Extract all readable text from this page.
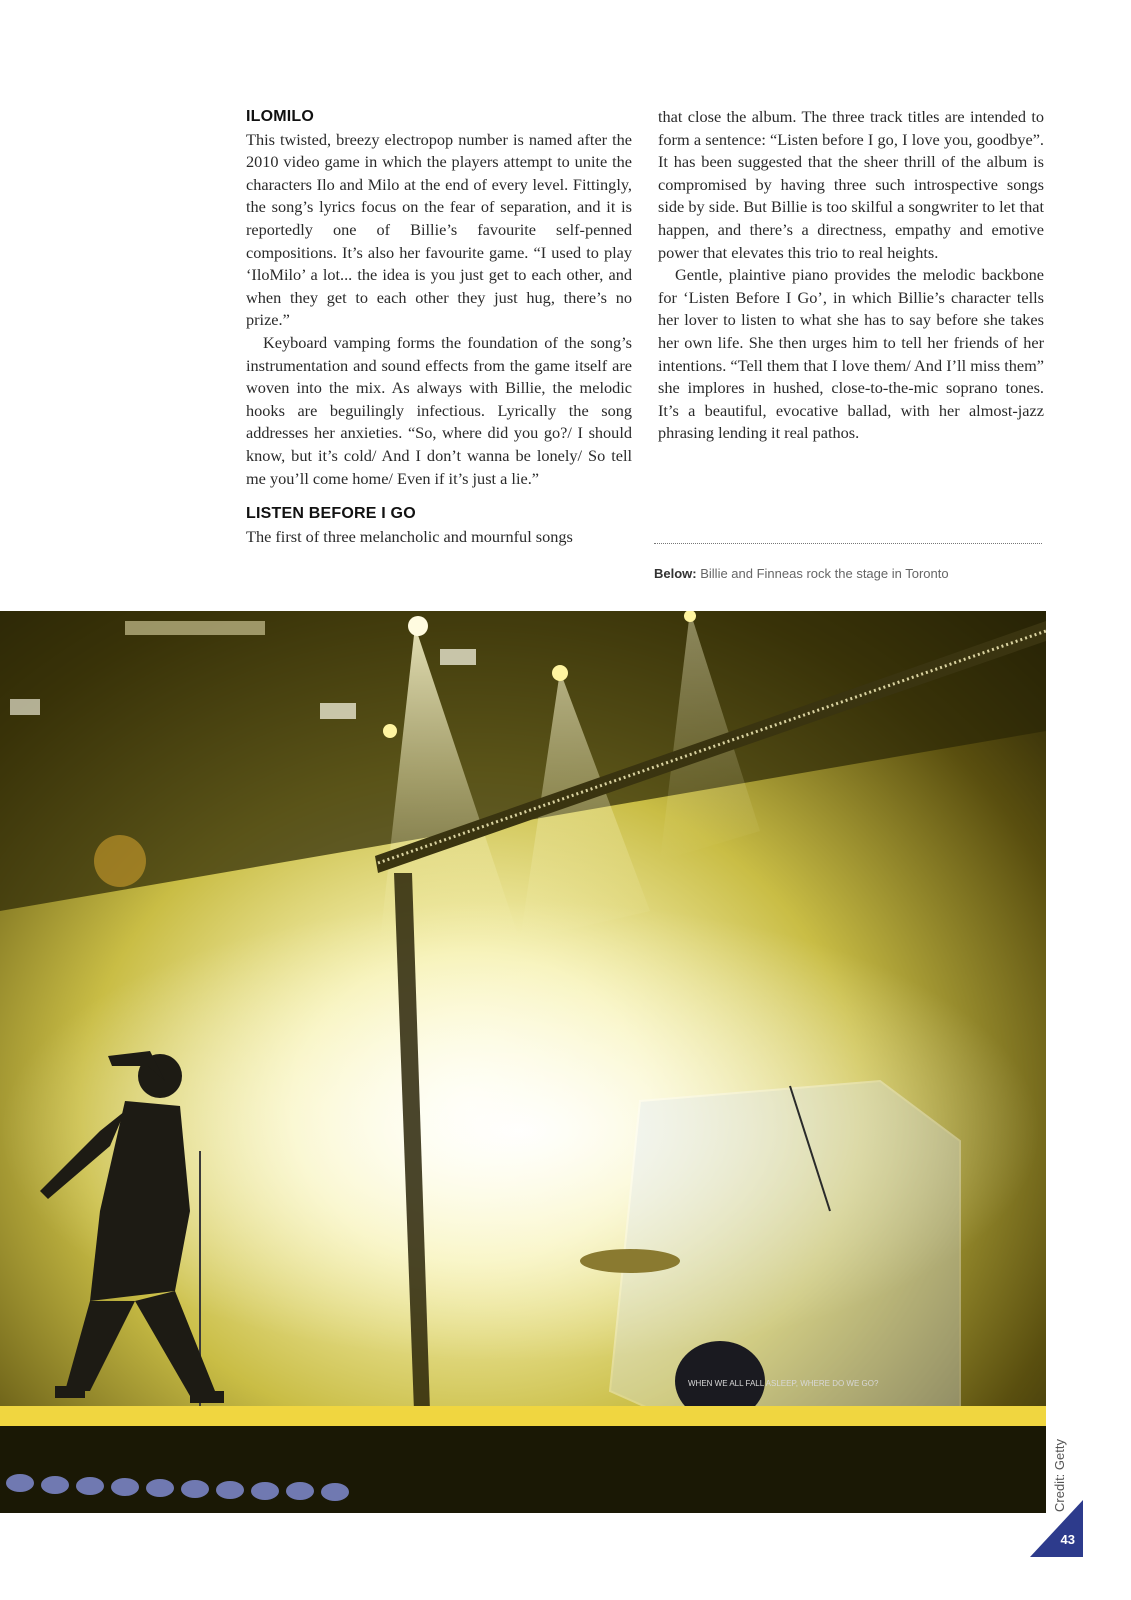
ILOMILO

This twisted, breezy electropop number is named after the 2010 video game in which the players attempt to unite the characters Ilo and Milo at the end of every level. Fittingly, the song’s lyrics focus on the fear of separation, and it is reportedly one of Billie’s favourite self-penned compositions. It’s also her favourite game. “I used to play ‘IloMilo’ a lot... the idea is you just get to each other, and when they get to each other they just hug, there’s no prize.”

Keyboard vamping forms the foundation of the song’s instrumentation and sound effects from the game itself are woven into the mix. As always with Billie, the melodic hooks are beguilingly infectious. Lyrically the song addresses her anxieties. “So, where did you go?/ I should know, but it’s cold/ And I don’t wanna be lonely/ So tell me you’ll come home/ Even if it’s just a lie.”

LISTEN BEFORE I GO

The first of three melancholic and mournful songs

that close the album. The three track titles are intended to form a sentence: “Listen before I go, I love you, goodbye”. It has been suggested that the sheer thrill of the album is compromised by having three such introspective songs side by side. But Billie is too skilful a songwriter to let that happen, and there’s a directness, empathy and emotive power that elevates this trio to real heights.

Gentle, plaintive piano provides the melodic backbone for ‘Listen Before I Go’, in which Billie’s character tells her lover to listen to what she has to say before she takes her own life. She then urges him to tell her friends of her intentions. “Tell them that I love them/ And I’ll miss them” she implores in hushed, close-to-the-mic soprano tones. It’s a beautiful, evocative ballad, with her almost-jazz phrasing lending it real pathos.

Below: Billie and Finneas rock the stage in Toronto
WHEN WE ALL FALL ASLEEP, WHERE DO WE GO?
Credit: Getty
43
